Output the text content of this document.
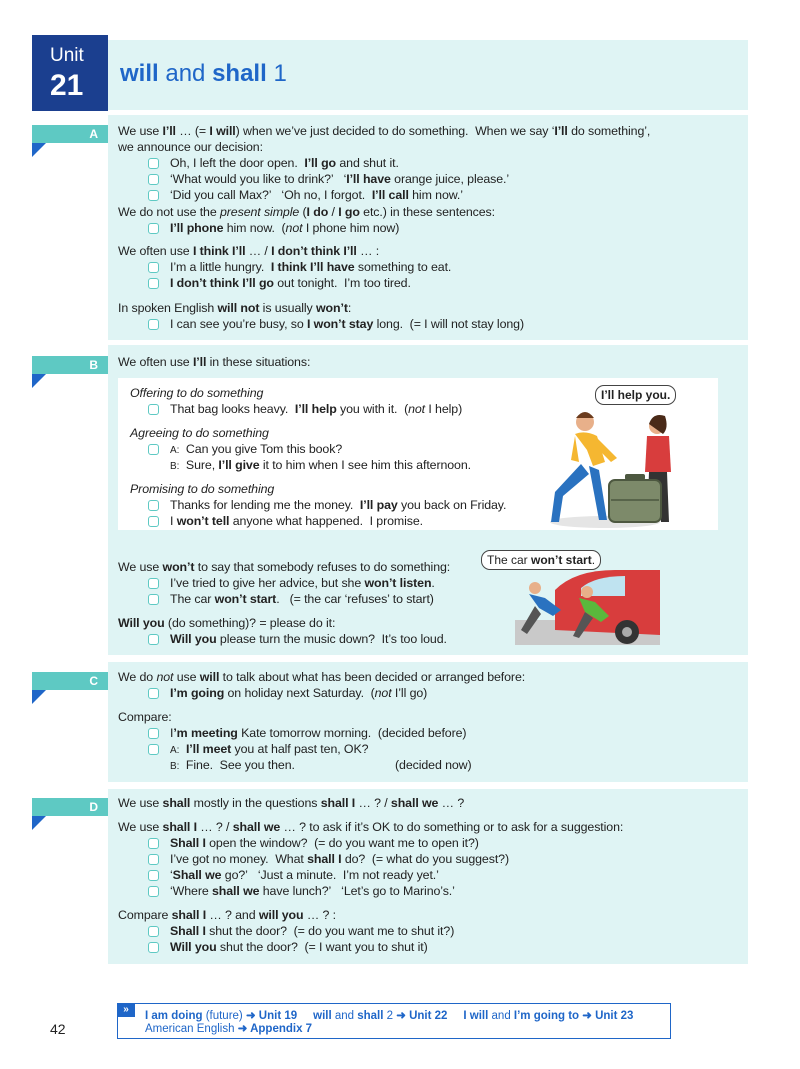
Unit
21 will and shall 1
A	We use I’ll … (= I will) when we’ve just decided to do something.  When we say ‘I’ll do something’,
we announce our decision:
Oh, I left the door open.  I’ll go and shut it.
‘What would you like to drink?’   ‘I’ll have orange juice, please.’
‘Did you call Max?’   ‘Oh no, I forgot.  I’ll call him now.’
We do not use the present simple (I do / I go etc.) in these sentences:
I’ll phone him now.  (not I phone him now)
We often use I think I’ll … / I don’t think I’ll … :
I’m a little hungry.  I think I’ll have something to eat.
I don’t think I’ll go out tonight.  I’m too tired.
In spoken English will not is usually won’t:
I can see you’re busy, so I won’t stay long.  (= I will not stay long)
B	We often use I’ll in these situations:
Offering to do something
That bag looks heavy.  I’ll help you with it.  (not I help)
Agreeing to do something
A:  Can you give Tom this book?
B:  Sure, I’ll give it to him when I see him this afternoon.
Promising to do something
Thanks for lending me the money.  I’ll pay you back on Friday.
I won’t tell anyone what happened.  I promise.
I’ll help you.
We use won’t to say that somebody refuses to do something:
I’ve tried to give her advice, but she won’t listen.
The car won’t start.   (= the car ‘refuses’ to start)
Will you (do something)? = please do it:
Will you please turn the music down?  It’s too loud.
The car won’t start.
C	We do not use will to talk about what has been decided or arranged before:
I’m going on holiday next Saturday.  (not I’ll go)
Compare:
I’m meeting Kate tomorrow morning.  (decided before)
A: I’ll meet you at half past ten, OK?
B:  Fine.  See you then.	(decided now)
D	We use shall mostly in the questions shall I … ? / shall we … ?
We use shall I … ? / shall we … ? to ask if it’s OK to do something or to ask for a suggestion:
Shall I open the window?  (= do you want me to open it?)
I’ve got no money.  What shall I do?  (= what do you suggest?)
‘Shall we go?’   ‘Just a minute.  I’m not ready yet.’
‘Where shall we have lunch?’   ‘Let’s go to Marino’s.’
Compare shall I … ? and will you … ? :
Shall I shut the door?  (= do you want me to shut it?)
Will you shut the door?  (= I want you to shut it)
»
I am doing (future) ➜ Unit 19 will and shall 2 ➜ Unit 22 I will and I’m going to ➜ Unit 23
American English ➜ Appendix 7
42
